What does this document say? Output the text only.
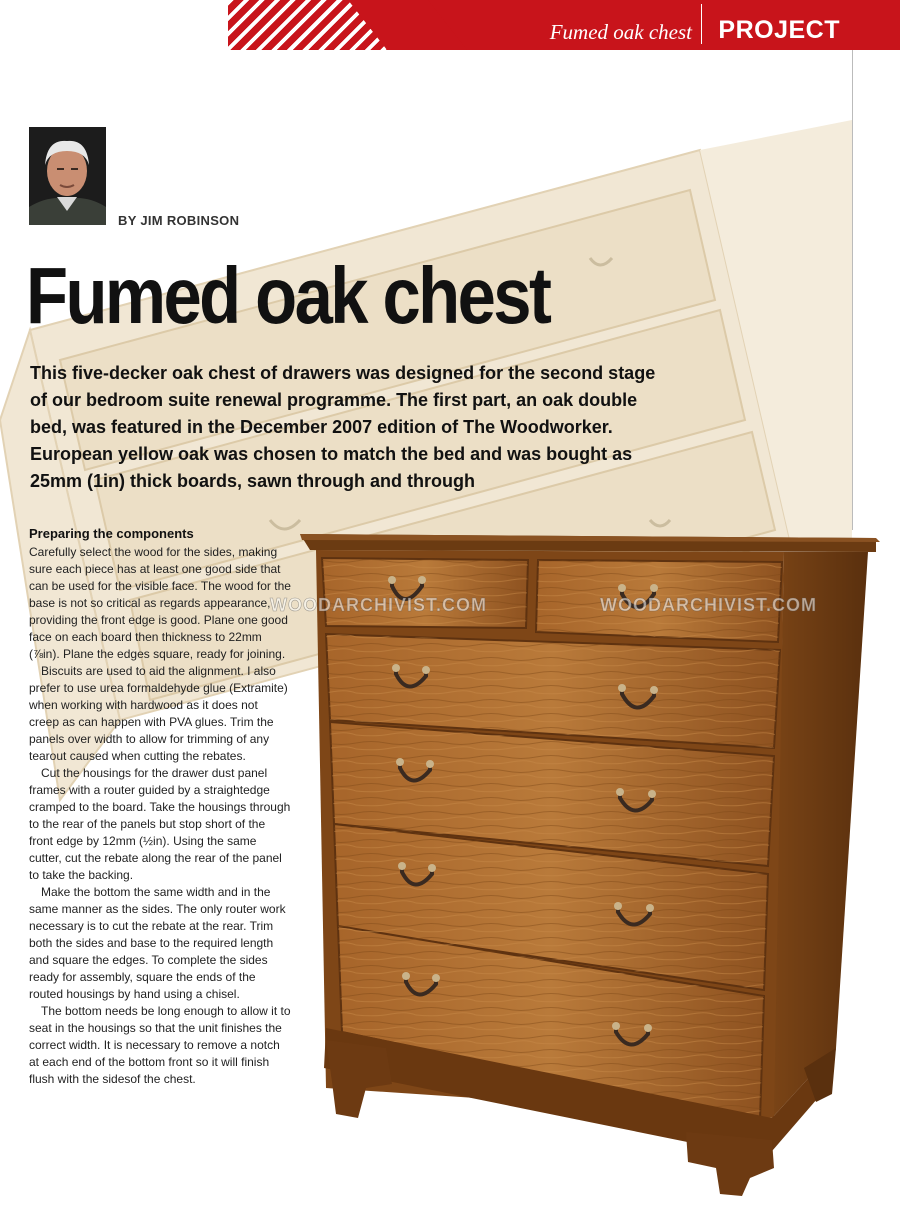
Fumed oak chest PROJECT
BY JIM ROBINSON
Fumed oak chest
This five-decker oak chest of drawers was designed for the second stage
of our bedroom suite renewal programme. The first part, an oak double
bed, was featured in the December 2007 edition of The Woodworker.
European yellow oak was chosen to match the bed and was bought as
25mm (1in) thick boards, sawn through and through
Preparing the components

Carefully select the wood for the sides, making sure each piece has at least one good side that can be used for the visible face. The wood for the base is not so critical as regards appearance, providing the front edge is good. Plane one good face on each board then thickness to 22mm (⅞in). Plane the edges square, ready for joining.

Biscuits are used to aid the alignment. I also prefer to use urea formaldehyde glue (Extramite) when working with hardwood as it does not creep as can happen with PVA glues. Trim the panels over width to allow for trimming of any tearout caused when cutting the rebates.

Cut the housings for the drawer dust panel frames with a router guided by a straightedge cramped to the board. Take the housings through to the rear of the panels but stop short of the front edge by 12mm (½in). Using the same cutter, cut the rebate along the rear of the panel to take the backing.

Make the bottom the same width and in the same manner as the sides. The only router work necessary is to cut the rebate at the rear. Trim both the sides and base to the required length and square the edges. To complete the sides ready for assembly, square the ends of the routed housings by hand using a chisel.

The bottom needs be long enough to allow it to seat in the housings so that the unit finishes the correct width. It is necessary to remove a notch at each end of the bottom front so it will finish flush with the sidesof the chest.

WOODARCHIVIST.COM	WOODARCHIVIST.COM
